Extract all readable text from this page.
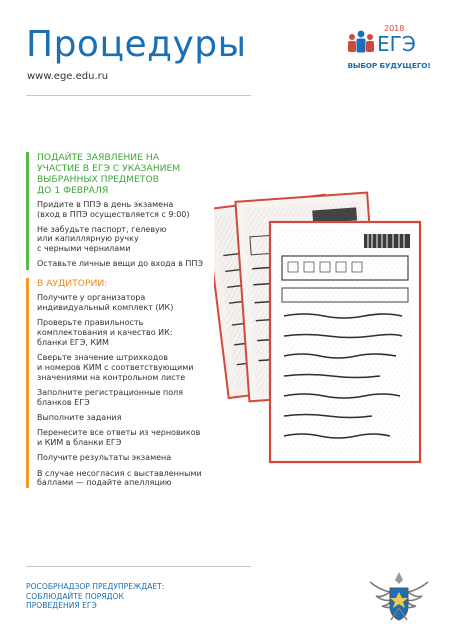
Процедуры
www.ege.edu.ru
2018
ЕГЭ
ВЫБОР БУДУЩЕГО!
ПОДАЙТЕ ЗАЯВЛЕНИЕ НА
УЧАСТИЕ В ЕГЭ С УКАЗАНИЕМ
ВЫБРАННЫХ ПРЕДМЕТОВ
ДО 1 ФЕВРАЛЯ
Придите в ППЭ в день экзамена
(вход в ППЭ осуществляется с 9:00)
Не забудьте паспорт, гелевую
или капиллярную ручку
с черными чернилами
Оставьте личные вещи до входа в ППЭ
В АУДИТОРИИ:
Получите у организатора
индивидуальный комплект (ИК)
Проверьте правильность
комплектования и качество ИК:
бланки ЕГЭ, КИМ
Сверьте значение штрихкодов
и номеров КИМ с соответствующими
значениями на контрольном листе
Заполните регистрационные поля
бланков ЕГЭ
Выполните задания
Перенесите все ответы из черновиков
и КИМ в бланки ЕГЭ
Получите результаты экзамена
В случае несогласия с выставленными
баллами — подайте апелляцию

РОСОБРНАДЗОР ПРЕДУПРЕЖДАЕТ:
СОБЛЮДАЙТЕ ПОРЯДОК
ПРОВЕДЕНИЯ ЕГЭ
